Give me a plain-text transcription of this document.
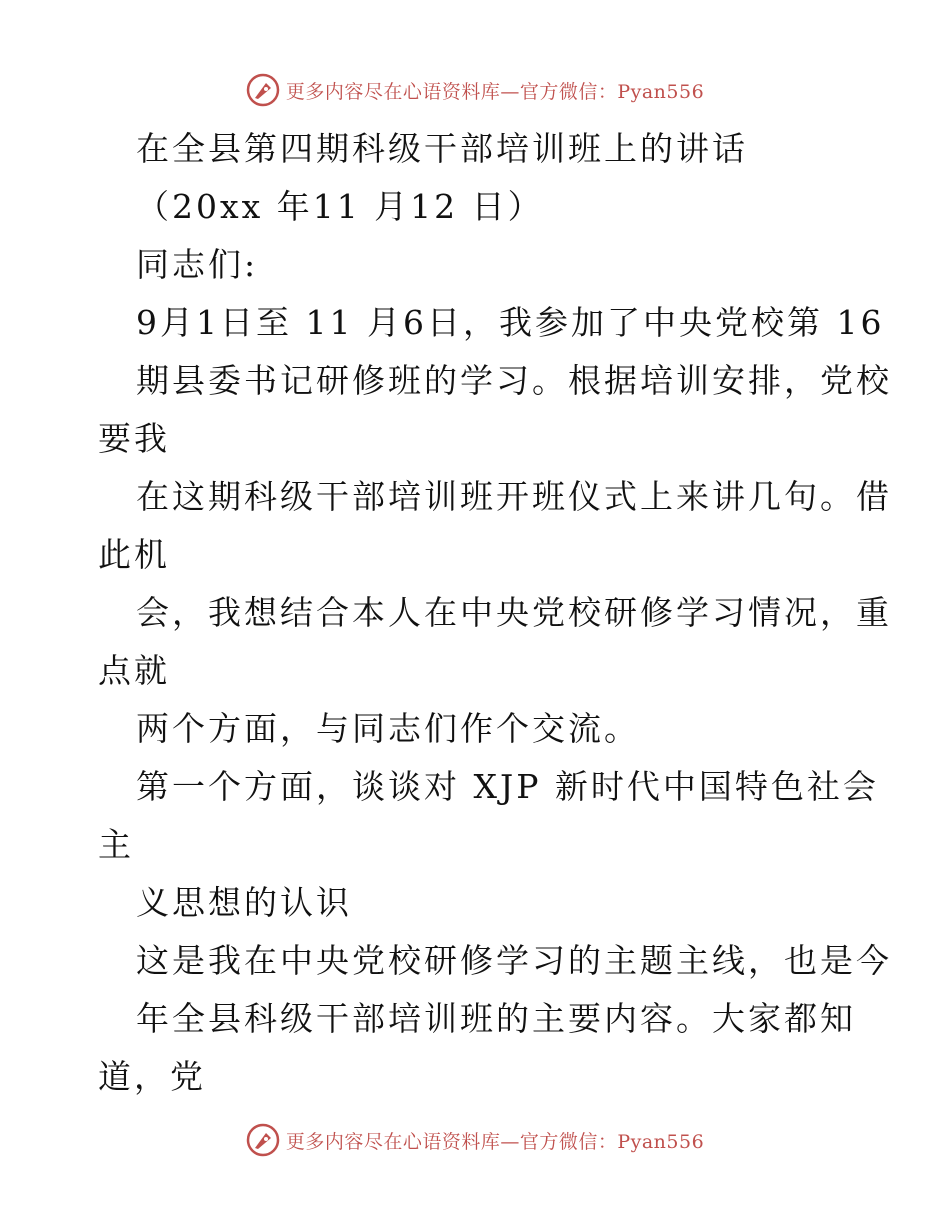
更多内容尽在心语资料库—官方微信：Pyan556
在全县第四期科级干部培训班上的讲话
（20xx 年11 月12 日）
同志们:
9月1日至 11 月6日，我参加了中央党校第 16
期县委书记研修班的学习。根据培训安排，党校
要我
在这期科级干部培训班开班仪式上来讲几句。借
此机
会，我想结合本人在中央党校研修学习情况，重
点就
两个方面，与同志们作个交流。
第一个方面，谈谈对 XJP 新时代中国特色社会
主
义思想的认识
这是我在中央党校研修学习的主题主线，也是今
年全县科级干部培训班的主要内容。大家都知
道，党
更多内容尽在心语资料库—官方微信：Pyan556
